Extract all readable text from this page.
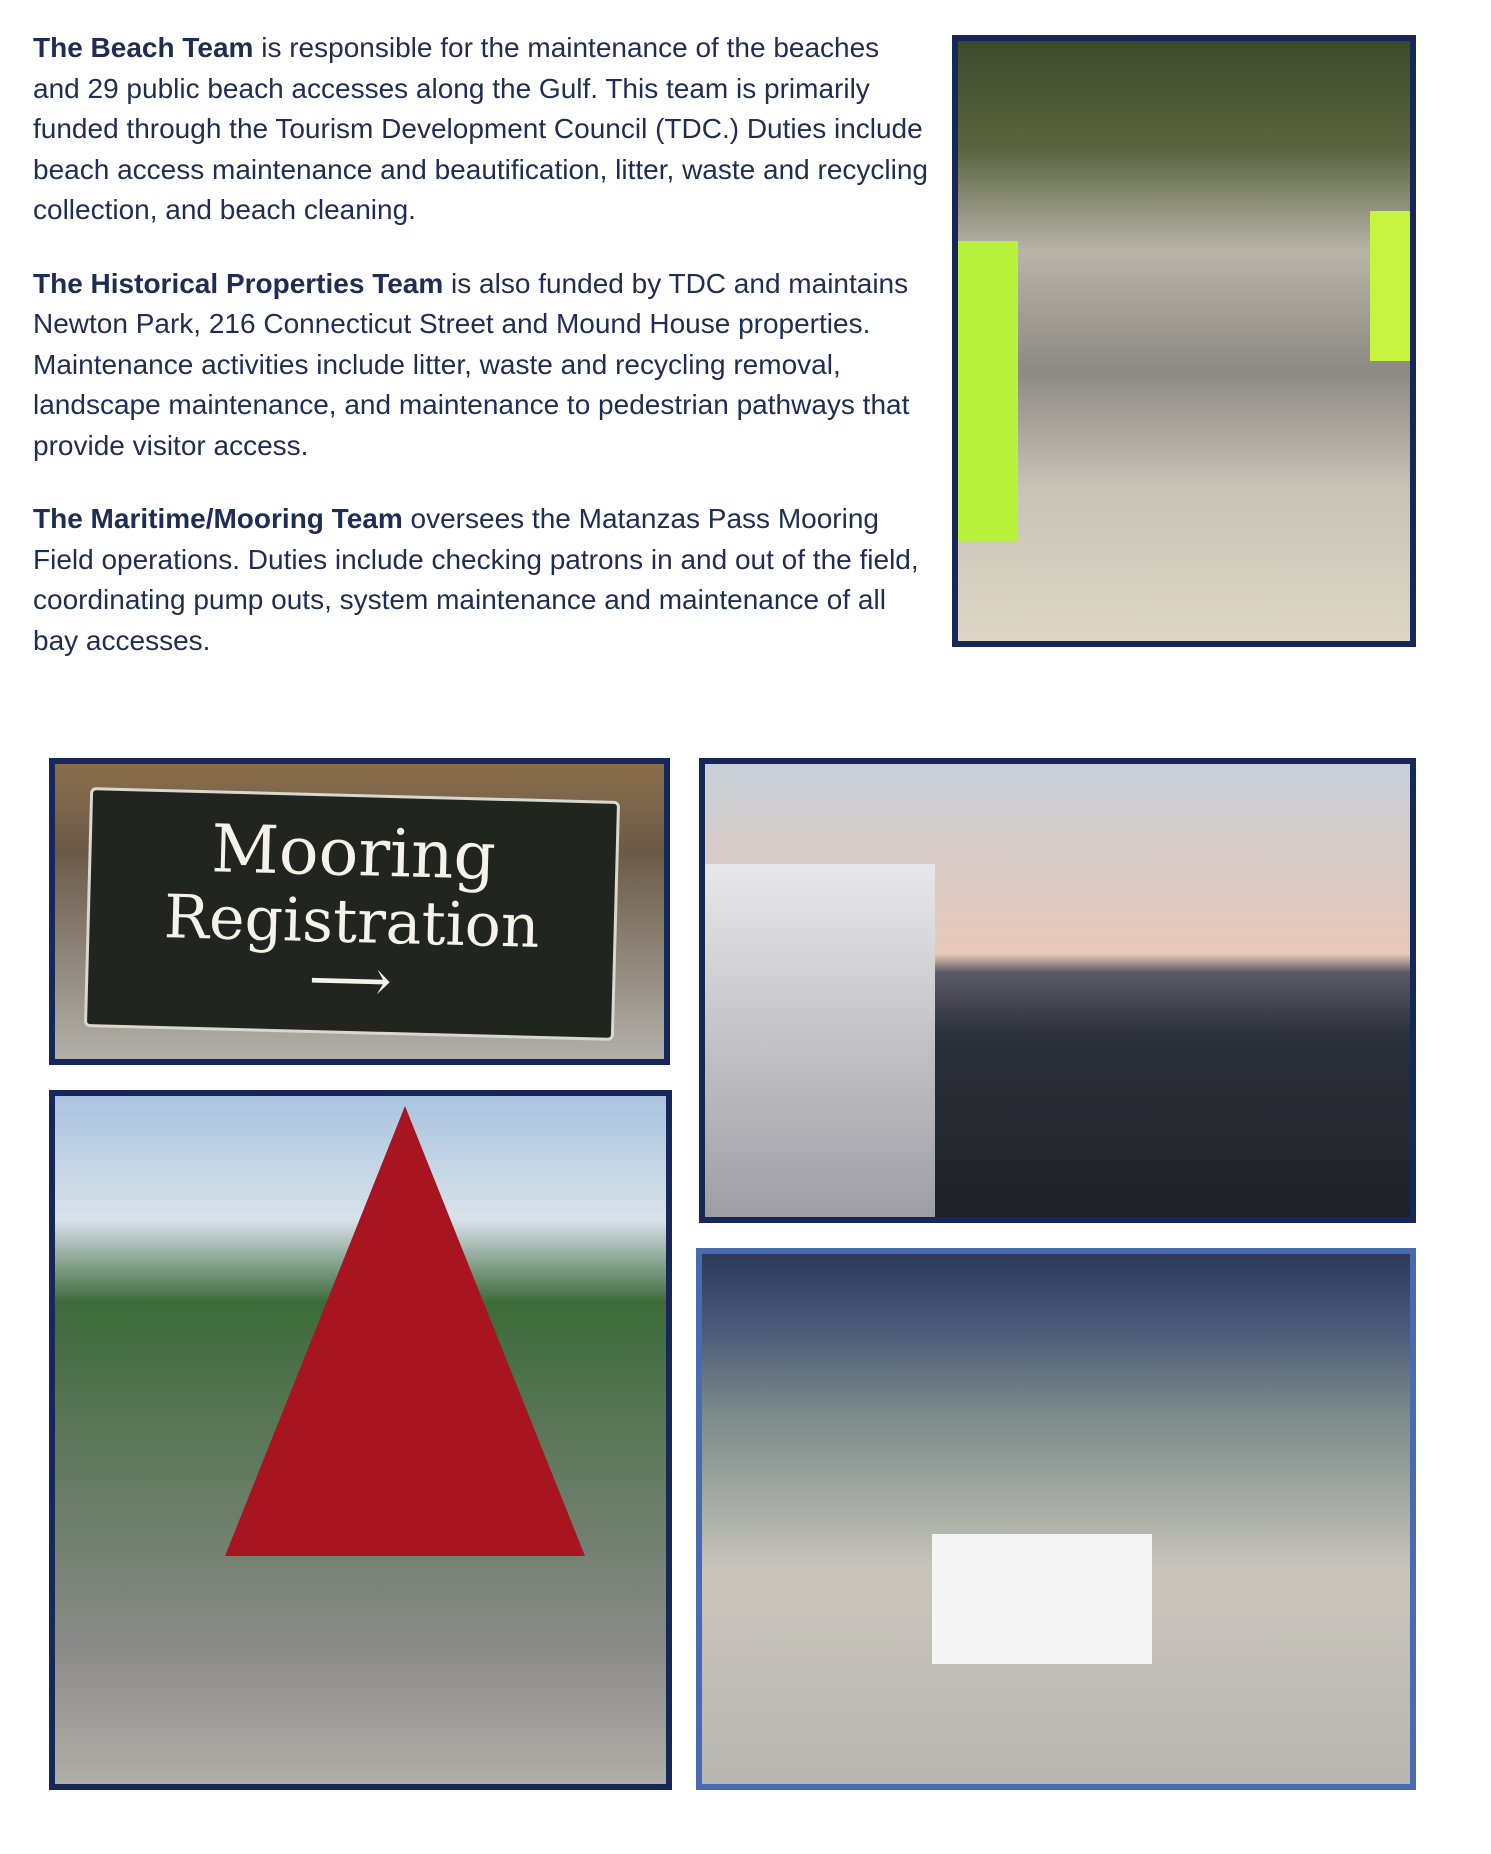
The Beach Team is responsible for the maintenance of the beaches and 29 public beach accesses along the Gulf. This team is primarily funded through the Tourism Development Council (TDC.) Duties include beach access maintenance and beautification, litter, waste and recycling collection, and beach cleaning.

The Historical Properties Team is also funded by TDC and maintains Newton Park, 216 Connecticut Street and Mound House properties. Maintenance activities include litter, waste and recycling removal, landscape maintenance, and maintenance to pedestrian pathways that provide visitor access.

The Maritime/Mooring Team oversees the Matanzas Pass Mooring Field operations. Duties include checking patrons in and out of the field, coordinating pump outs, system maintenance and maintenance of all bay accesses.

Mooring
Registration
⟶
